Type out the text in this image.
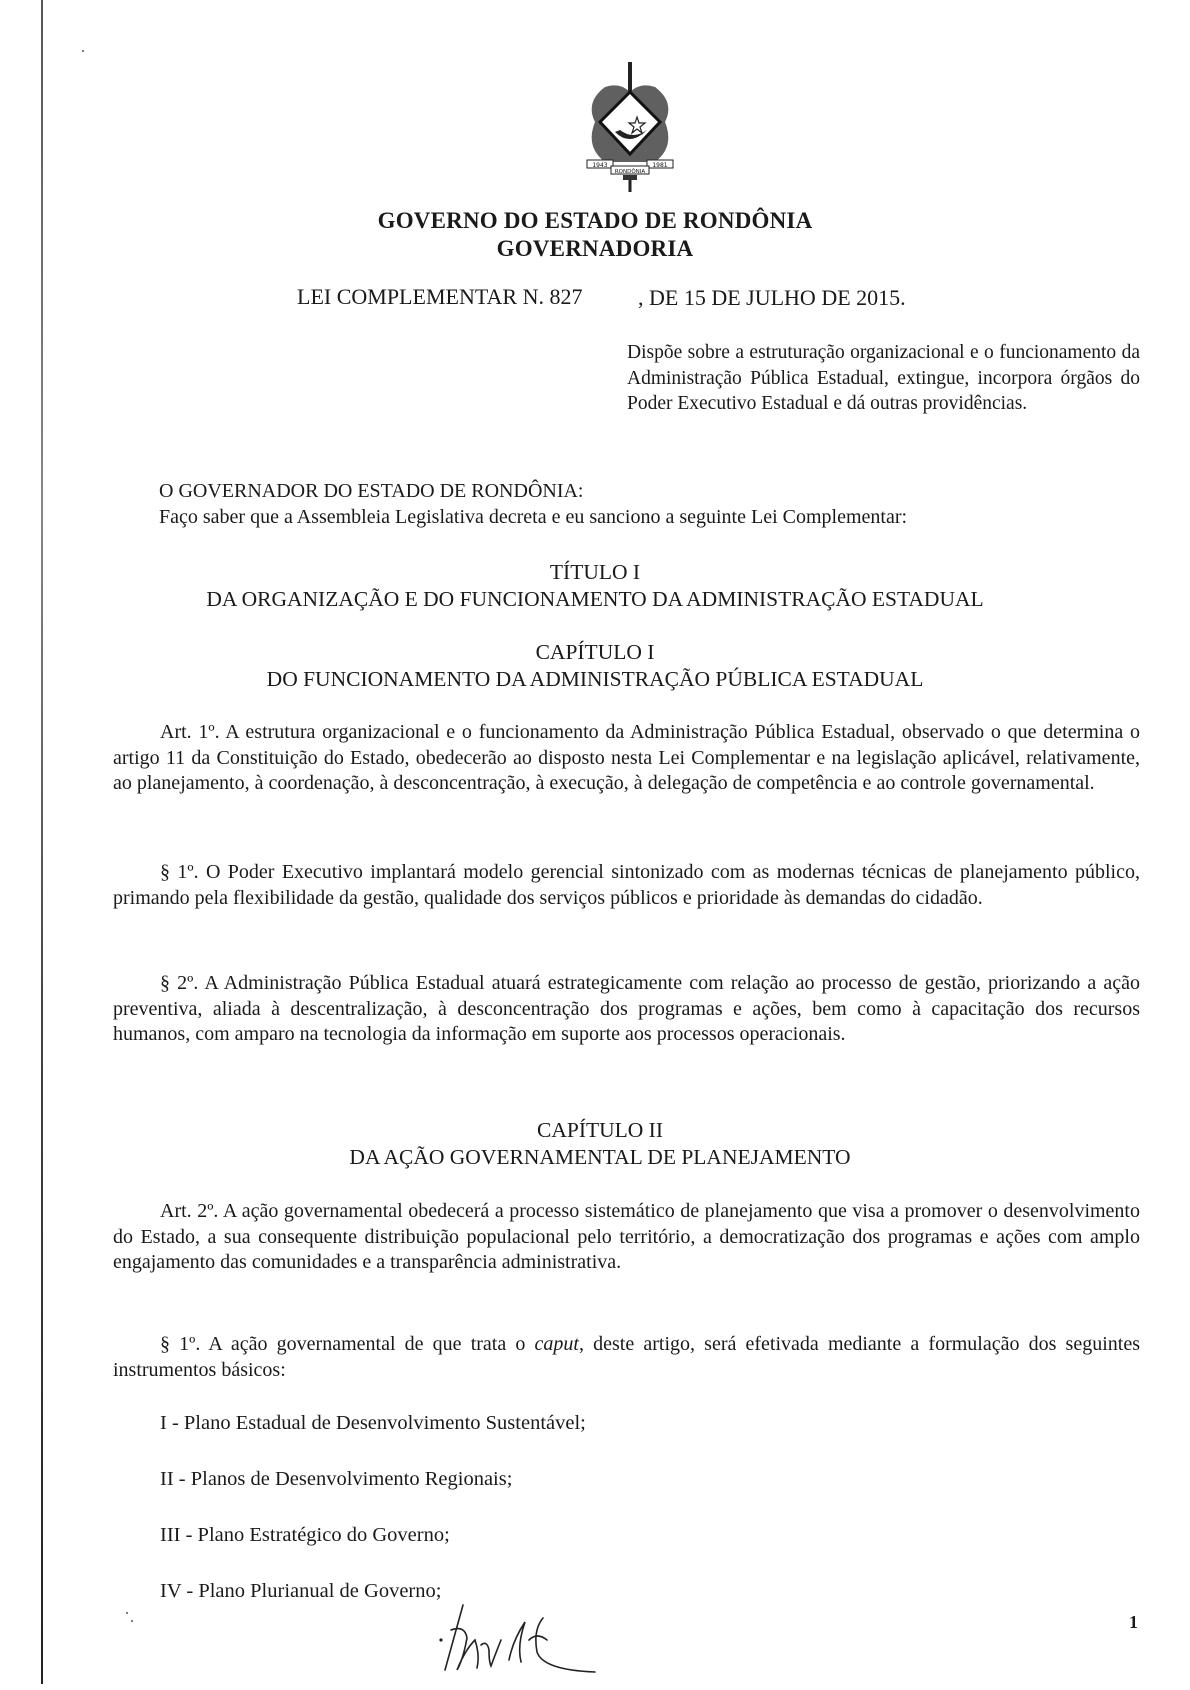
1943	1981
RONDÔNIA
GOVERNO DO ESTADO DE RONDÔNIA
GOVERNADORIA
LEI COMPLEMENTAR N. 827	, DE 15 DE JULHO DE 2015.

Dispõe sobre a estruturação organizacional e o funcionamento da Administração Pública Estadual, extingue, incorpora órgãos do Poder Executivo Estadual e dá outras providências.

O GOVERNADOR DO ESTADO DE RONDÔNIA:
Faço saber que a Assembleia Legislativa decreta e eu sanciono a seguinte Lei Complementar:
TÍTULO I
DA ORGANIZAÇÃO E DO FUNCIONAMENTO DA ADMINISTRAÇÃO ESTADUAL
CAPÍTULO I
DO FUNCIONAMENTO DA ADMINISTRAÇÃO PÚBLICA ESTADUAL
Art. 1º. A estrutura organizacional e o funcionamento da Administração Pública Estadual, observado o que determina o artigo 11 da Constituição do Estado, obedecerão ao disposto nesta Lei Complementar e na legislação aplicável, relativamente, ao planejamento, à coordenação, à desconcentração, à execução, à delegação de competência e ao controle governamental.
§ 1º. O Poder Executivo implantará modelo gerencial sintonizado com as modernas técnicas de planejamento público, primando pela flexibilidade da gestão, qualidade dos serviços públicos e prioridade às demandas do cidadão.
§ 2º. A Administração Pública Estadual atuará estrategicamente com relação ao processo de gestão, priorizando a ação preventiva, aliada à descentralização, à desconcentração dos programas e ações, bem como à capacitação dos recursos humanos, com amparo na tecnologia da informação em suporte aos processos operacionais.
CAPÍTULO II
DA AÇÃO GOVERNAMENTAL DE PLANEJAMENTO
Art. 2º. A ação governamental obedecerá a processo sistemático de planejamento que visa a promover o desenvolvimento do Estado, a sua consequente distribuição populacional pelo território, a democratização dos programas e ações com amplo engajamento das comunidades e a transparência administrativa.
§ 1º. A ação governamental de que trata o caput, deste artigo, será efetivada mediante a formulação dos seguintes instrumentos básicos:
I - Plano Estadual de Desenvolvimento Sustentável;
II - Planos de Desenvolvimento Regionais;
III - Plano Estratégico do Governo;
IV - Plano Plurianual de Governo;
1
